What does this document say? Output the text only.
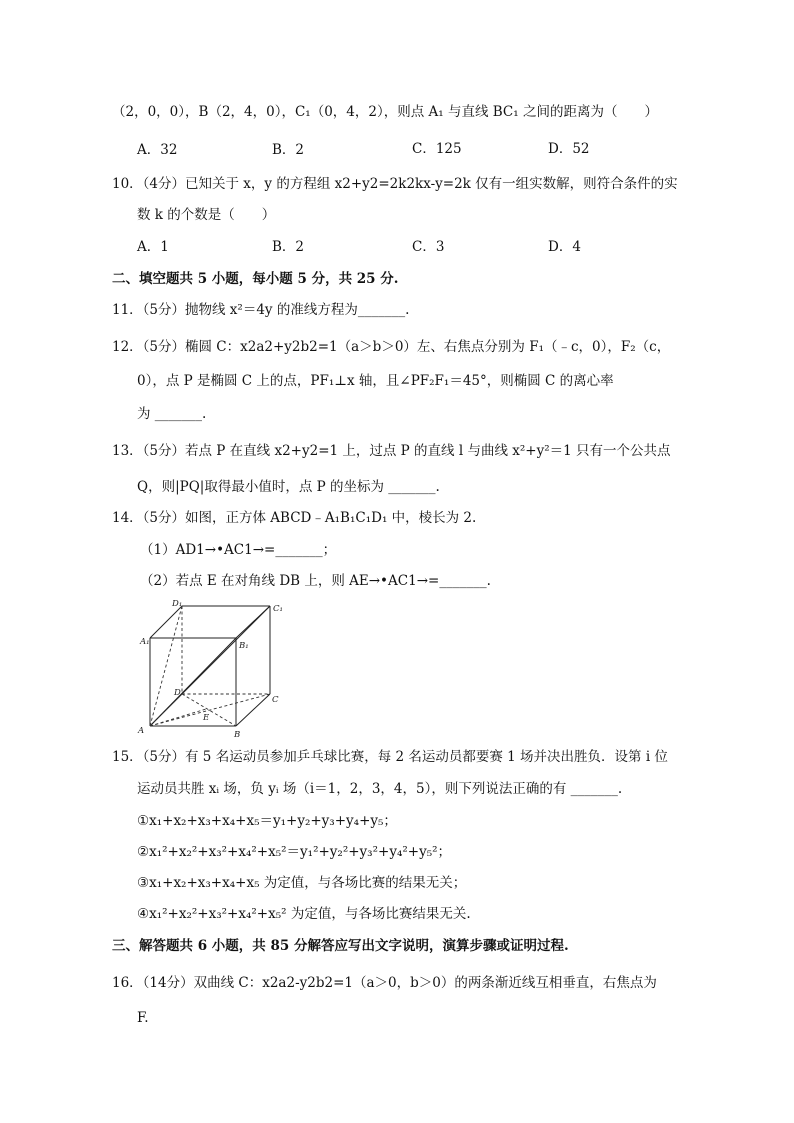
（2，0，0），B（2，4，0），C₁（0，4，2），则点 A₁ 与直线 BC₁ 之间的距离为（　　）
A．32	B．2	C．125	D．52
10．（4分）已知关于 x，y 的方程组 x2+y2=2k2kx-y=2k 仅有一组实数解，则符合条件的实
数 k 的个数是（　　）
A．1	B．2	C．3	D．4
二、填空题共 5 小题，每小题 5 分，共 25 分.
11．（5分）抛物线 x²＝4y 的准线方程为_______.
12．（5分）椭圆 C：x2a2+y2b2=1（a＞b＞0）左、右焦点分别为 F₁（﹣c，0），F₂（c，
0），点 P 是椭圆 C 上的点，PF₁⊥x 轴，且∠PF₂F₁＝45°，则椭圆 C 的离心率
为 _______.
13．（5分）若点 P 在直线 x2+y2=1 上，过点 P 的直线 l 与曲线 x²+y²＝1 只有一个公共点
Q，则|PQ|取得最小值时，点 P 的坐标为 _______.
14．（5分）如图，正方体 ABCD﹣A₁B₁C₁D₁ 中，棱长为 2.
（1）AD1→•AC1→=_______；
（2）若点 E 在对角线 DB 上，则 AE→•AC1→=_______.
D₁	C₁
A₁	B₁
D
C
E
A	B
15．（5分）有 5 名运动员参加乒乓球比赛，每 2 名运动员都要赛 1 场并决出胜负．设第 i 位
运动员共胜 xᵢ 场，负 yᵢ 场（i＝1，2，3，4，5），则下列说法正确的有 _______.
①x₁+x₂+x₃+x₄+x₅＝y₁+y₂+y₃+y₄+y₅；
②x₁²+x₂²+x₃²+x₄²+x₅²＝y₁²+y₂²+y₃²+y₄²+y₅²；
③x₁+x₂+x₃+x₄+x₅ 为定值，与各场比赛的结果无关；
④x₁²+x₂²+x₃²+x₄²+x₅² 为定值，与各场比赛结果无关.
三、解答题共 6 小题，共 85 分解答应写出文字说明，演算步骤或证明过程.
16．（14分）双曲线 C：x2a2-y2b2=1（a＞0，b＞0）的两条渐近线互相垂直，右焦点为
F.
